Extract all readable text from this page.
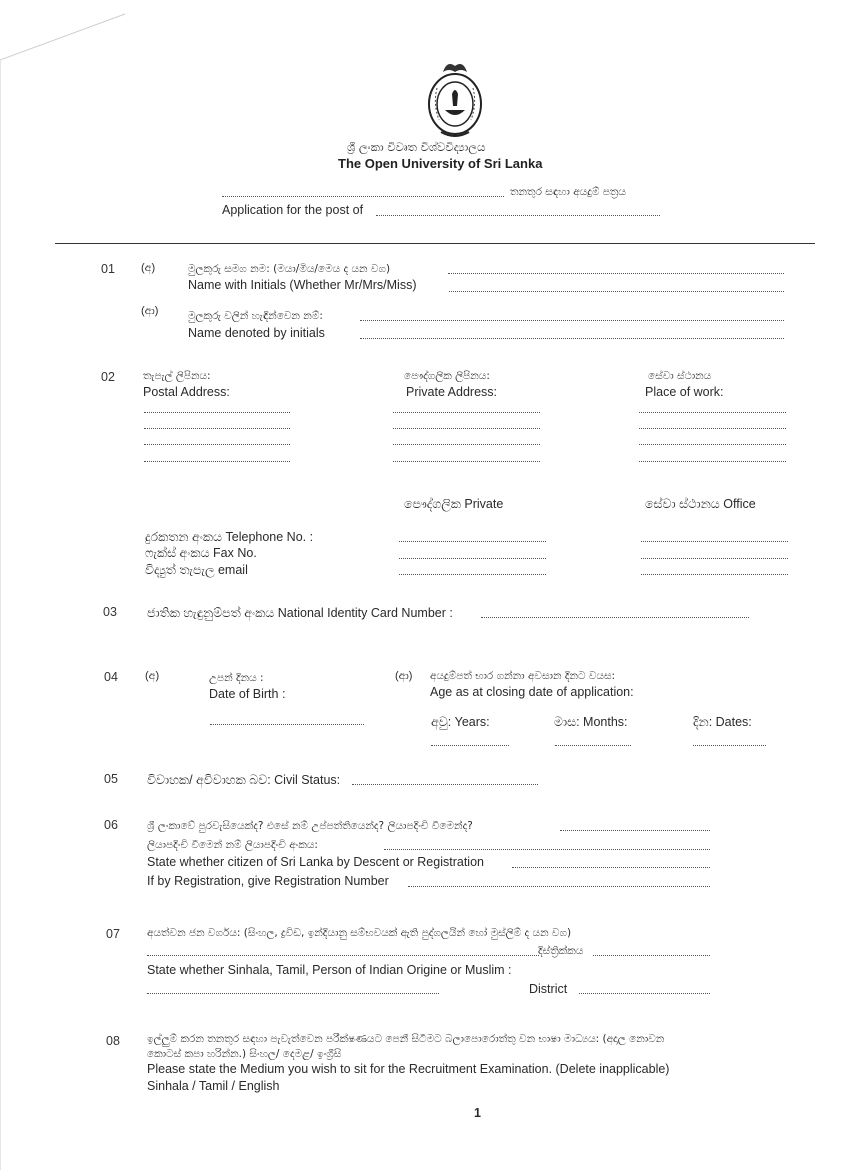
ශ්‍රී ලංකා විවෘත විශ්වවිද්‍යාලය
The Open University of Sri Lanka
තනතුර සඳහා අයදුම් පත්‍රය
Application for the post of
01 (අ)	මුලකුරු සමග නම: (මයා/මිය/මෙය ද යන වග)
Name with Initials (Whether Mr/Mrs/Miss)
(ආ)	මුලකුරු වලින් හැඳින්වෙන නම්:
Name denoted by initials
02	තැපැල් ලිපිනය:
Postal Address:
පෞද්ගලික ලිපිනය:
Private Address:
සේවා ස්ථානය
Place of work:
පෞද්ගලික Private	සේවා ස්ථානය Office
දුරකතන අංකය Telephone No. :
ෆැක්ස් අංකය Fax No.
විද්‍යුත් තැපැල email
03 ජාතික හැඳුනුම්පත් අංකය National Identity Card Number :
04 (අ)	උපන් දිනය :
Date of Birth :
(ආ) අයදුම්පත් භාර ගන්නා අවසාන දිනට වයස:
Age as at closing date of application:
අවු: Years:	මාස: Months:	දින: Dates:
05 විවාහක/ අවිවාහක බව: Civil Status:
06	ශ්‍රී ලංකාවේ පුරවැසියෙක්ද? එසේ නම් උප්පත්තියෙන්ද? ලියාපදිංචි වීමෙන්ද?
ලියාපදිංචි වීමෙන් නම් ලියාපදිංචි අංකය:
State whether citizen of Sri Lanka by Descent or Registration
If by Registration, give Registration Number
07	අයත්වන ජන වර්ගය: (සිංහල, ද්‍රවිඩ, ඉන්දියානු සම්භවයක් ඇති පුද්ගලයින් හෝ මුස්ලිම් ද යන වග)
දිස්ත්‍රික්කය
State whether Sinhala, Tamil, Person of Indian Origine or Muslim :
District
08	ඉල්ලුම් කරන තනතුර සඳහා පැවැත්වෙන පරීක්ෂණයට පෙනී සිටීමට බලාපොරොත්තු වන භාෂා මාධ්‍යය: (අදාල නොවන
කොටස් කපා හරින්න.) සිංහල/ දෙමළ/ ඉංග්‍රීසි
Please state the Medium you wish to sit for the Recruitment Examination. (Delete inapplicable)
Sinhala / Tamil / English
1
